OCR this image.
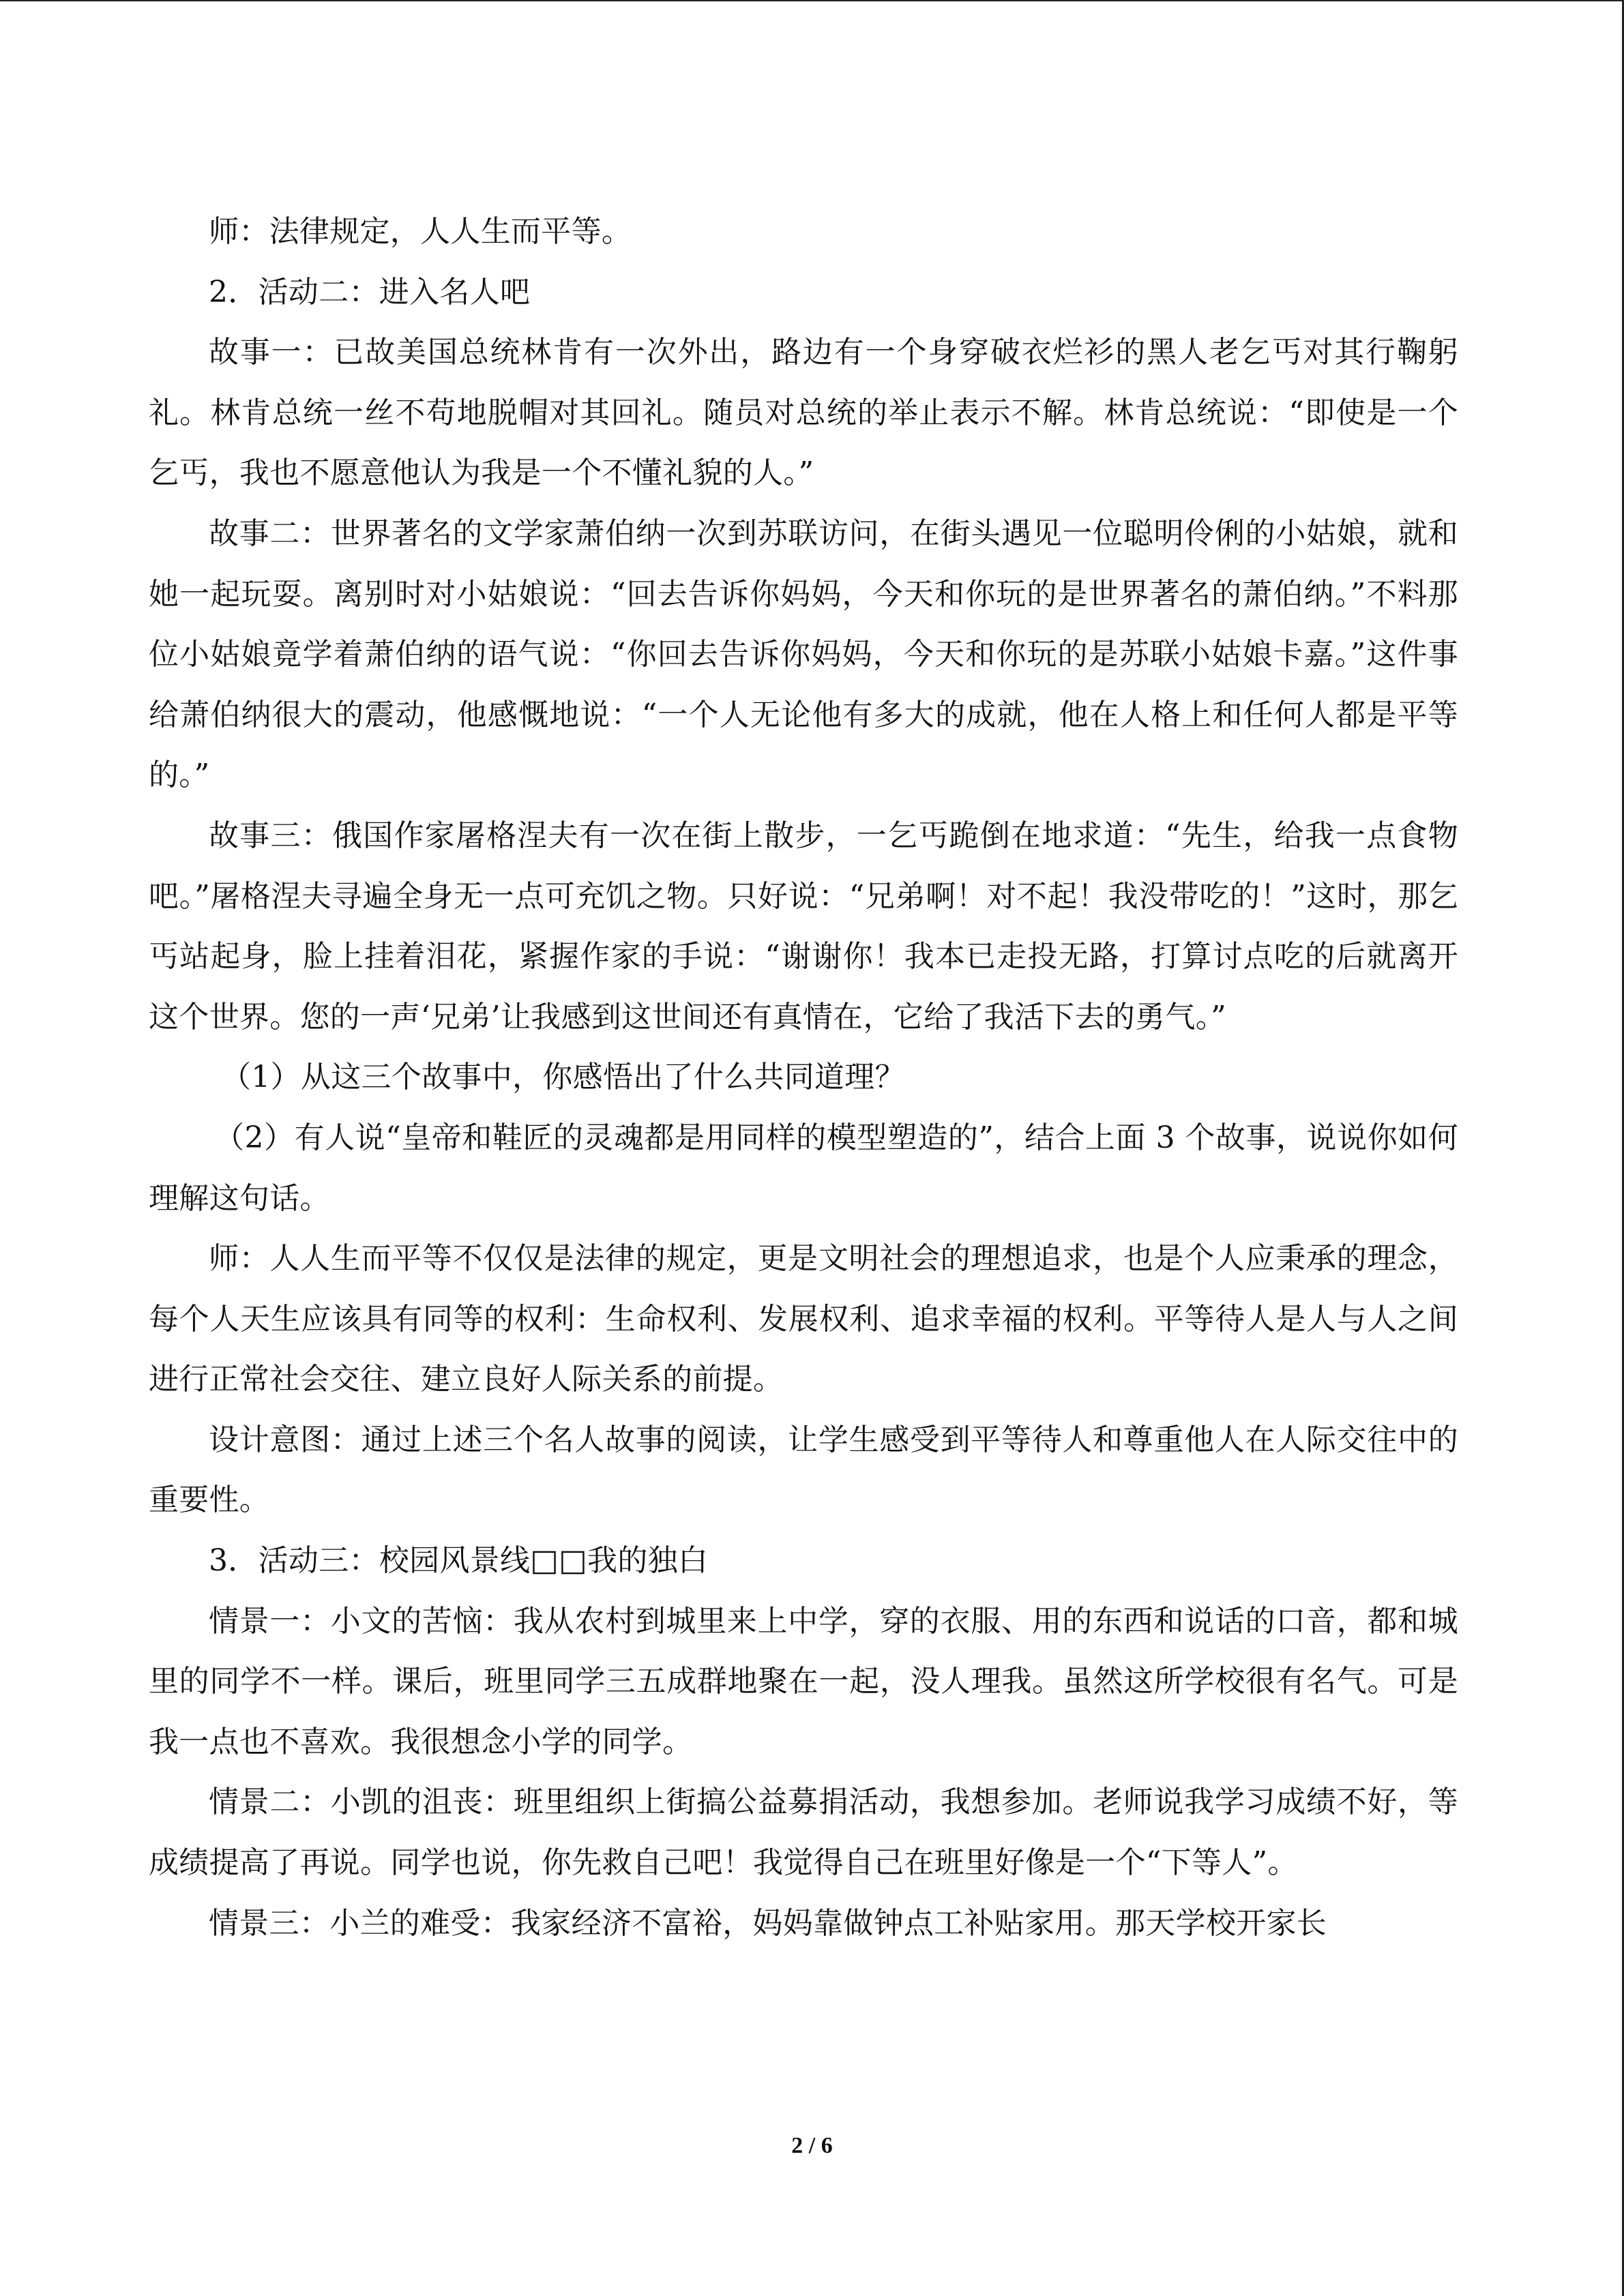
师：法律规定，人人生而平等。

2．活动二：进入名人吧

故事一：已故美国总统林肯有一次外出，路边有一个身穿破衣烂衫的黑人老乞丐对其行鞠躬礼。林肯总统一丝不苟地脱帽对其回礼。随员对总统的举止表示不解。林肯总统说：“即使是一个乞丐，我也不愿意他认为我是一个不懂礼貌的人。”

故事二：世界著名的文学家萧伯纳一次到苏联访问，在街头遇见一位聪明伶俐的小姑娘，就和她一起玩耍。离别时对小姑娘说：“回去告诉你妈妈，今天和你玩的是世界著名的萧伯纳。”不料那位小姑娘竟学着萧伯纳的语气说：“你回去告诉你妈妈，今天和你玩的是苏联小姑娘卡嘉。”这件事给萧伯纳很大的震动，他感慨地说：“一个人无论他有多大的成就，他在人格上和任何人都是平等的。”

故事三：俄国作家屠格涅夫有一次在街上散步，一乞丐跪倒在地求道：“先生，给我一点食物吧。”屠格涅夫寻遍全身无一点可充饥之物。只好说：“兄弟啊！对不起！我没带吃的！”这时，那乞丐站起身，脸上挂着泪花，紧握作家的手说：“谢谢你！我本已走投无路，打算讨点吃的后就离开这个世界。您的一声‘兄弟’让我感到这世间还有真情在，它给了我活下去的勇气。”

（1）从这三个故事中，你感悟出了什么共同道理？

（2）有人说“皇帝和鞋匠的灵魂都是用同样的模型塑造的”，结合上面 3 个故事，说说你如何理解这句话。

师：人人生而平等不仅仅是法律的规定，更是文明社会的理想追求，也是个人应秉承的理念，每个人天生应该具有同等的权利：生命权利、发展权利、追求幸福的权利。平等待人是人与人之间进行正常社会交往、建立良好人际关系的前提。

设计意图：通过上述三个名人故事的阅读，让学生感受到平等待人和尊重他人在人际交往中的重要性。

3．活动三：校园风景线□□我的独白

情景一：小文的苦恼：我从农村到城里来上中学，穿的衣服、用的东西和说话的口音，都和城里的同学不一样。课后，班里同学三五成群地聚在一起，没人理我。虽然这所学校很有名气。可是我一点也不喜欢。我很想念小学的同学。

情景二：小凯的沮丧：班里组织上街搞公益募捐活动，我想参加。老师说我学习成绩不好，等成绩提高了再说。同学也说，你先救自己吧！我觉得自己在班里好像是一个“下等人”。

情景三：小兰的难受：我家经济不富裕，妈妈靠做钟点工补贴家用。那天学校开家长

2 / 6
